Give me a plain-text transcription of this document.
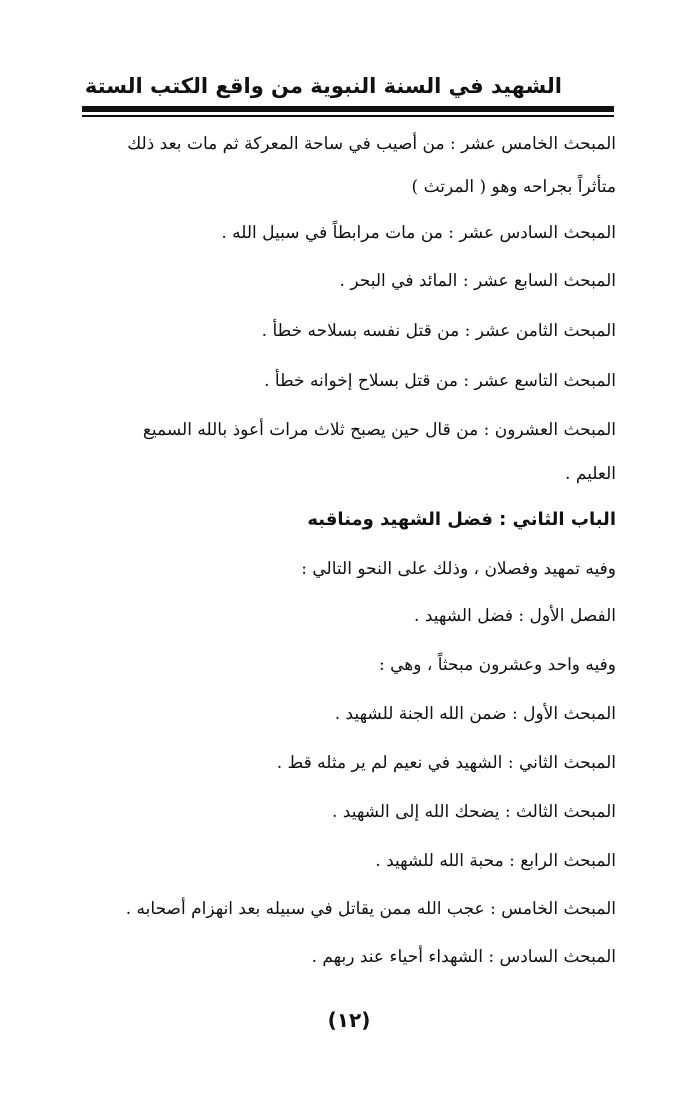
الشهيد في السنة النبوية من واقع الكتب الستة
المبحث الخامس عشر : من أصيب في ساحة المعركة ثم مات بعد ذلك
متأثراً بجراحه وهو ( المرتث )
المبحث السادس عشر : من مات مرابطاً في سبيل الله .
المبحث السابع عشر : المائد في البحر .
المبحث الثامن عشر : من قتل نفسه بسلاحه خطأ .
المبحث التاسع عشر : من قتل بسلاح إخوانه خطأ .
المبحث العشرون : من قال حين يصبح ثلاث مرات أعوذ بالله السميع
العليم .
الباب الثاني : فضل الشهيد ومناقبه
وفيه تمهيد وفصلان ، وذلك على النحو التالي :
الفصل الأول : فضل الشهيد .
وفيه واحد وعشرون مبحثاً ، وهي :
المبحث الأول : ضمن الله الجنة للشهيد .
المبحث الثاني : الشهيد في نعيم لم ير مثله قط .
المبحث الثالث : يضحك الله إلى الشهيد .
المبحث الرابع : محبة الله للشهيد .
المبحث الخامس : عجب الله ممن يقاتل في سبيله بعد انهزام أصحابه .
المبحث السادس : الشهداء أحياء عند ربهم .
(١٢)
